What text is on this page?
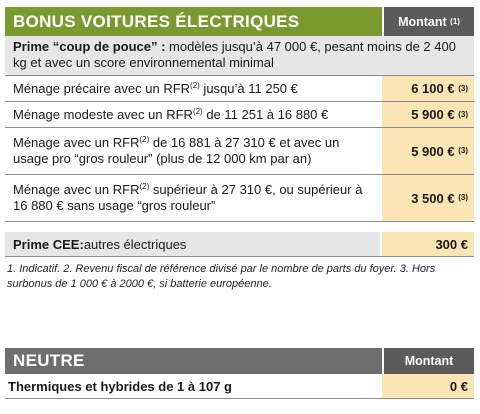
BONUS VOITURES ÉLECTRIQUES	Montant
(1)
Prime “coup de pouce” : modèles jusqu’à 47 000 €, pesant moins de 2 400 kg et avec un score environnemental minimal
Ménage précaire avec un RFR$^{(2)}$ jusqu’à 11 250 €	6 100 €
(3)
Ménage modeste avec un RFR$^{(2)}$ de 11 251 à 16 880 €	5 900 €
(3)
Ménage avec un RFR$^{(2)}$ de 16 881 à 27 310 € et avec un usage pro “gros rouleur” (plus de 12 000 km par an)	5 900 €
(3)
Ménage avec un RFR$^{(2)}$ supérieur à 27 310 €, ou supérieur à 16 880 € sans usage “gros rouleur”	3 500 €
(3)
Prime CEE: autres électriques	300 €
1. Indicatif. 2. Revenu fiscal de référence divisé par le nombre de parts du foyer. 3. Hors surbonus de 1 000 € à 2000 €, si batterie européenne.
NEUTRE	Montant
Thermiques et hybrides de 1 à 107 g	0 €
